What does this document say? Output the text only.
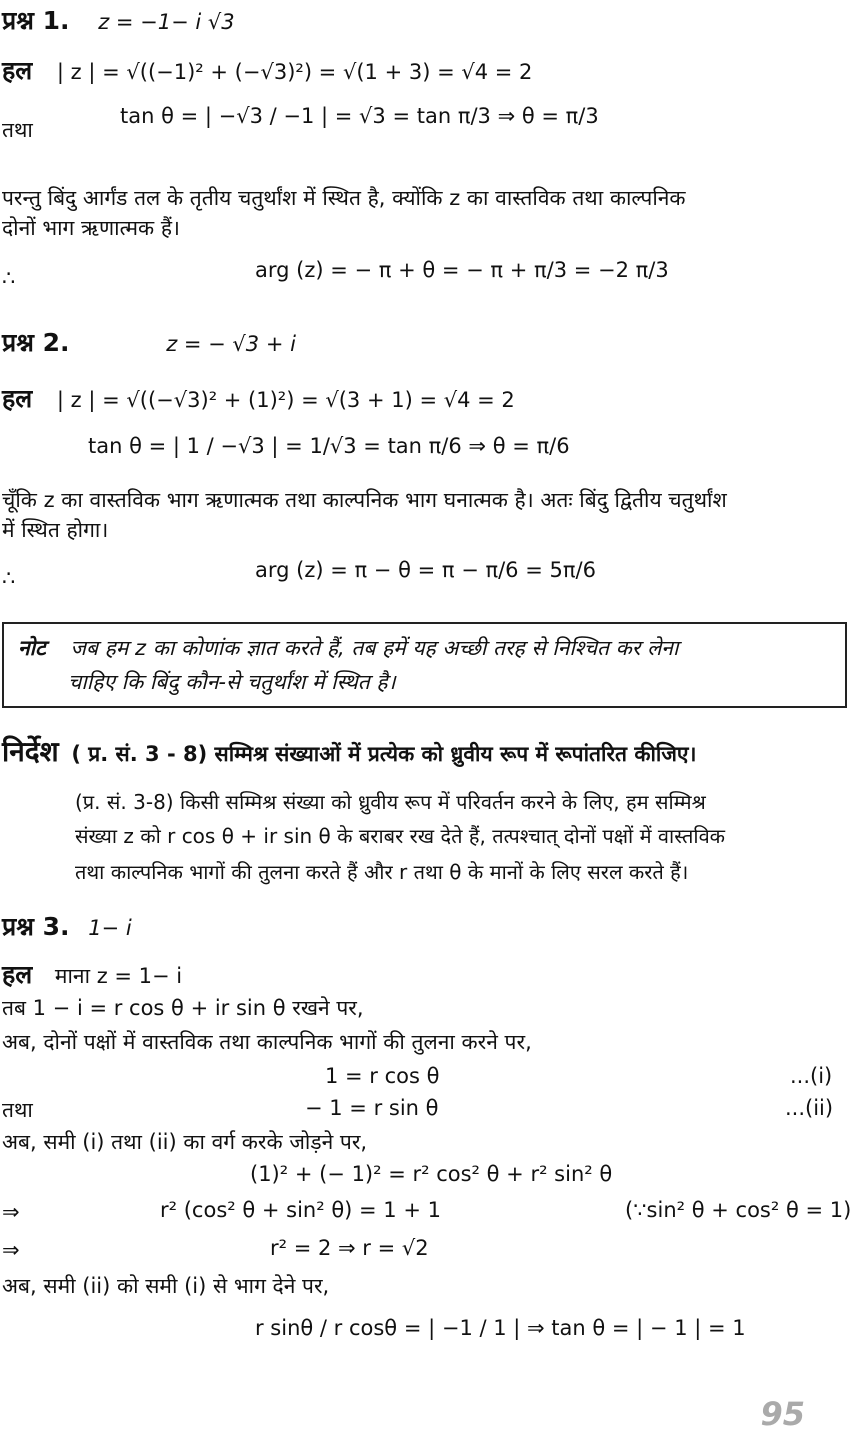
प्रश्न 1. z = −1− i √3
हल | z | = √((−1)² + (−√3)²) = √(1 + 3) = √4 = 2
तथा
tan θ = | −√3 / −1 | = √3 = tan π/3 ⇒ θ = π/3
परन्तु बिंदु आर्गंड तल के तृतीय चतुर्थांश में स्थित है, क्योंकि z का वास्तविक तथा काल्पनिक
दोनों भाग ऋणात्मक हैं।
∴	arg (z) = − π + θ = − π + π/3 = −2 π/3
प्रश्न 2.	z = − √3 + i
हल | z | = √((−√3)² + (1)²) = √(3 + 1) = √4 = 2
tan θ = | 1 / −√3 | = 1/√3 = tan π/6 ⇒ θ = π/6
चूँकि z का वास्तविक भाग ऋणात्मक तथा काल्पनिक भाग घनात्मक है। अतः बिंदु द्वितीय चतुर्थांश
में स्थित होगा।
∴	arg (z) = π − θ = π − π/6 = 5π/6
नोट जब हम z का कोणांक ज्ञात करते हैं, तब हमें यह अच्छी तरह से निश्चित कर लेना
चाहिए कि बिंदु कौन-से चतुर्थांश में स्थित है।
निर्देश ( प्र. सं. 3 - 8) सम्मिश्र संख्याओं में प्रत्येक को ध्रुवीय रूप में रूपांतरित कीजिए।
(प्र. सं. 3-8) किसी सम्मिश्र संख्या को ध्रुवीय रूप में परिवर्तन करने के लिए, हम सम्मिश्र
संख्या z को r cos θ + ir sin θ के बराबर रख देते हैं, तत्पश्चात् दोनों पक्षों में वास्तविक
तथा काल्पनिक भागों की तुलना करते हैं और r तथा θ के मानों के लिए सरल करते हैं।
प्रश्न 3. 1− i
हल माना z = 1− i
तब 1 − i = r cos θ + ir sin θ रखने पर,
अब, दोनों पक्षों में वास्तविक तथा काल्पनिक भागों की तुलना करने पर,
1 = r cos θ	...(i)
तथा	− 1 = r sin θ	...(ii)
अब, समी (i) तथा (ii) का वर्ग करके जोड़ने पर,
(1)² + (− 1)² = r² cos² θ + r² sin² θ
⇒	r² (cos² θ + sin² θ) = 1 + 1	(∵sin² θ + cos² θ = 1)
⇒	r² = 2 ⇒ r = √2
अब, समी (ii) को समी (i) से भाग देने पर,
r sinθ / r cosθ = | −1 / 1 | ⇒ tan θ = | − 1 | = 1
95
